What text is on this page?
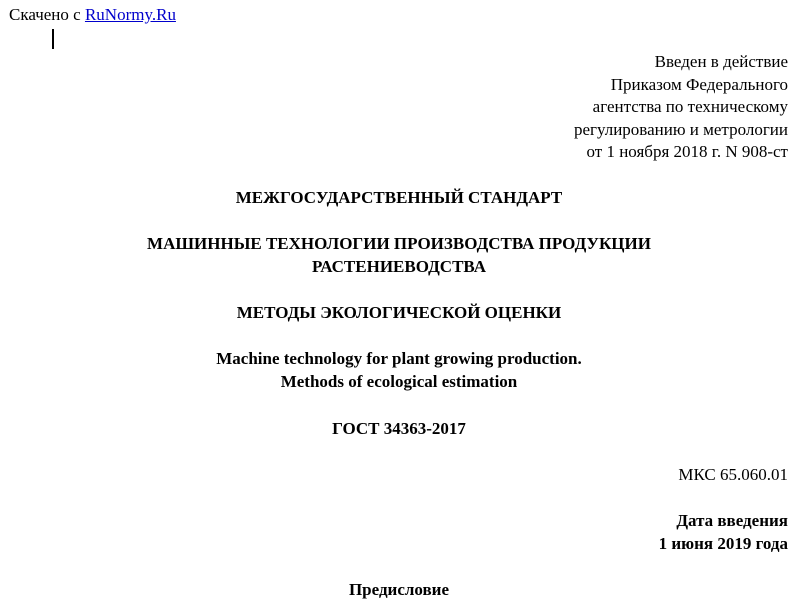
Скачено с RuNormy.Ru
Введен в действие
Приказом Федерального
агентства по техническому
регулированию и метрологии
от 1 ноября 2018 г. N 908-ст
МЕЖГОСУДАРСТВЕННЫЙ СТАНДАРТ
МАШИННЫЕ ТЕХНОЛОГИИ ПРОИЗВОДСТВА ПРОДУКЦИИ
РАСТЕНИЕВОДСТВА
МЕТОДЫ ЭКОЛОГИЧЕСКОЙ ОЦЕНКИ
Machine technology for plant growing production.
Methods of ecological estimation
ГОСТ 34363-2017
МКС 65.060.01
Дата введения
1 июня 2019 года
Предисловие
